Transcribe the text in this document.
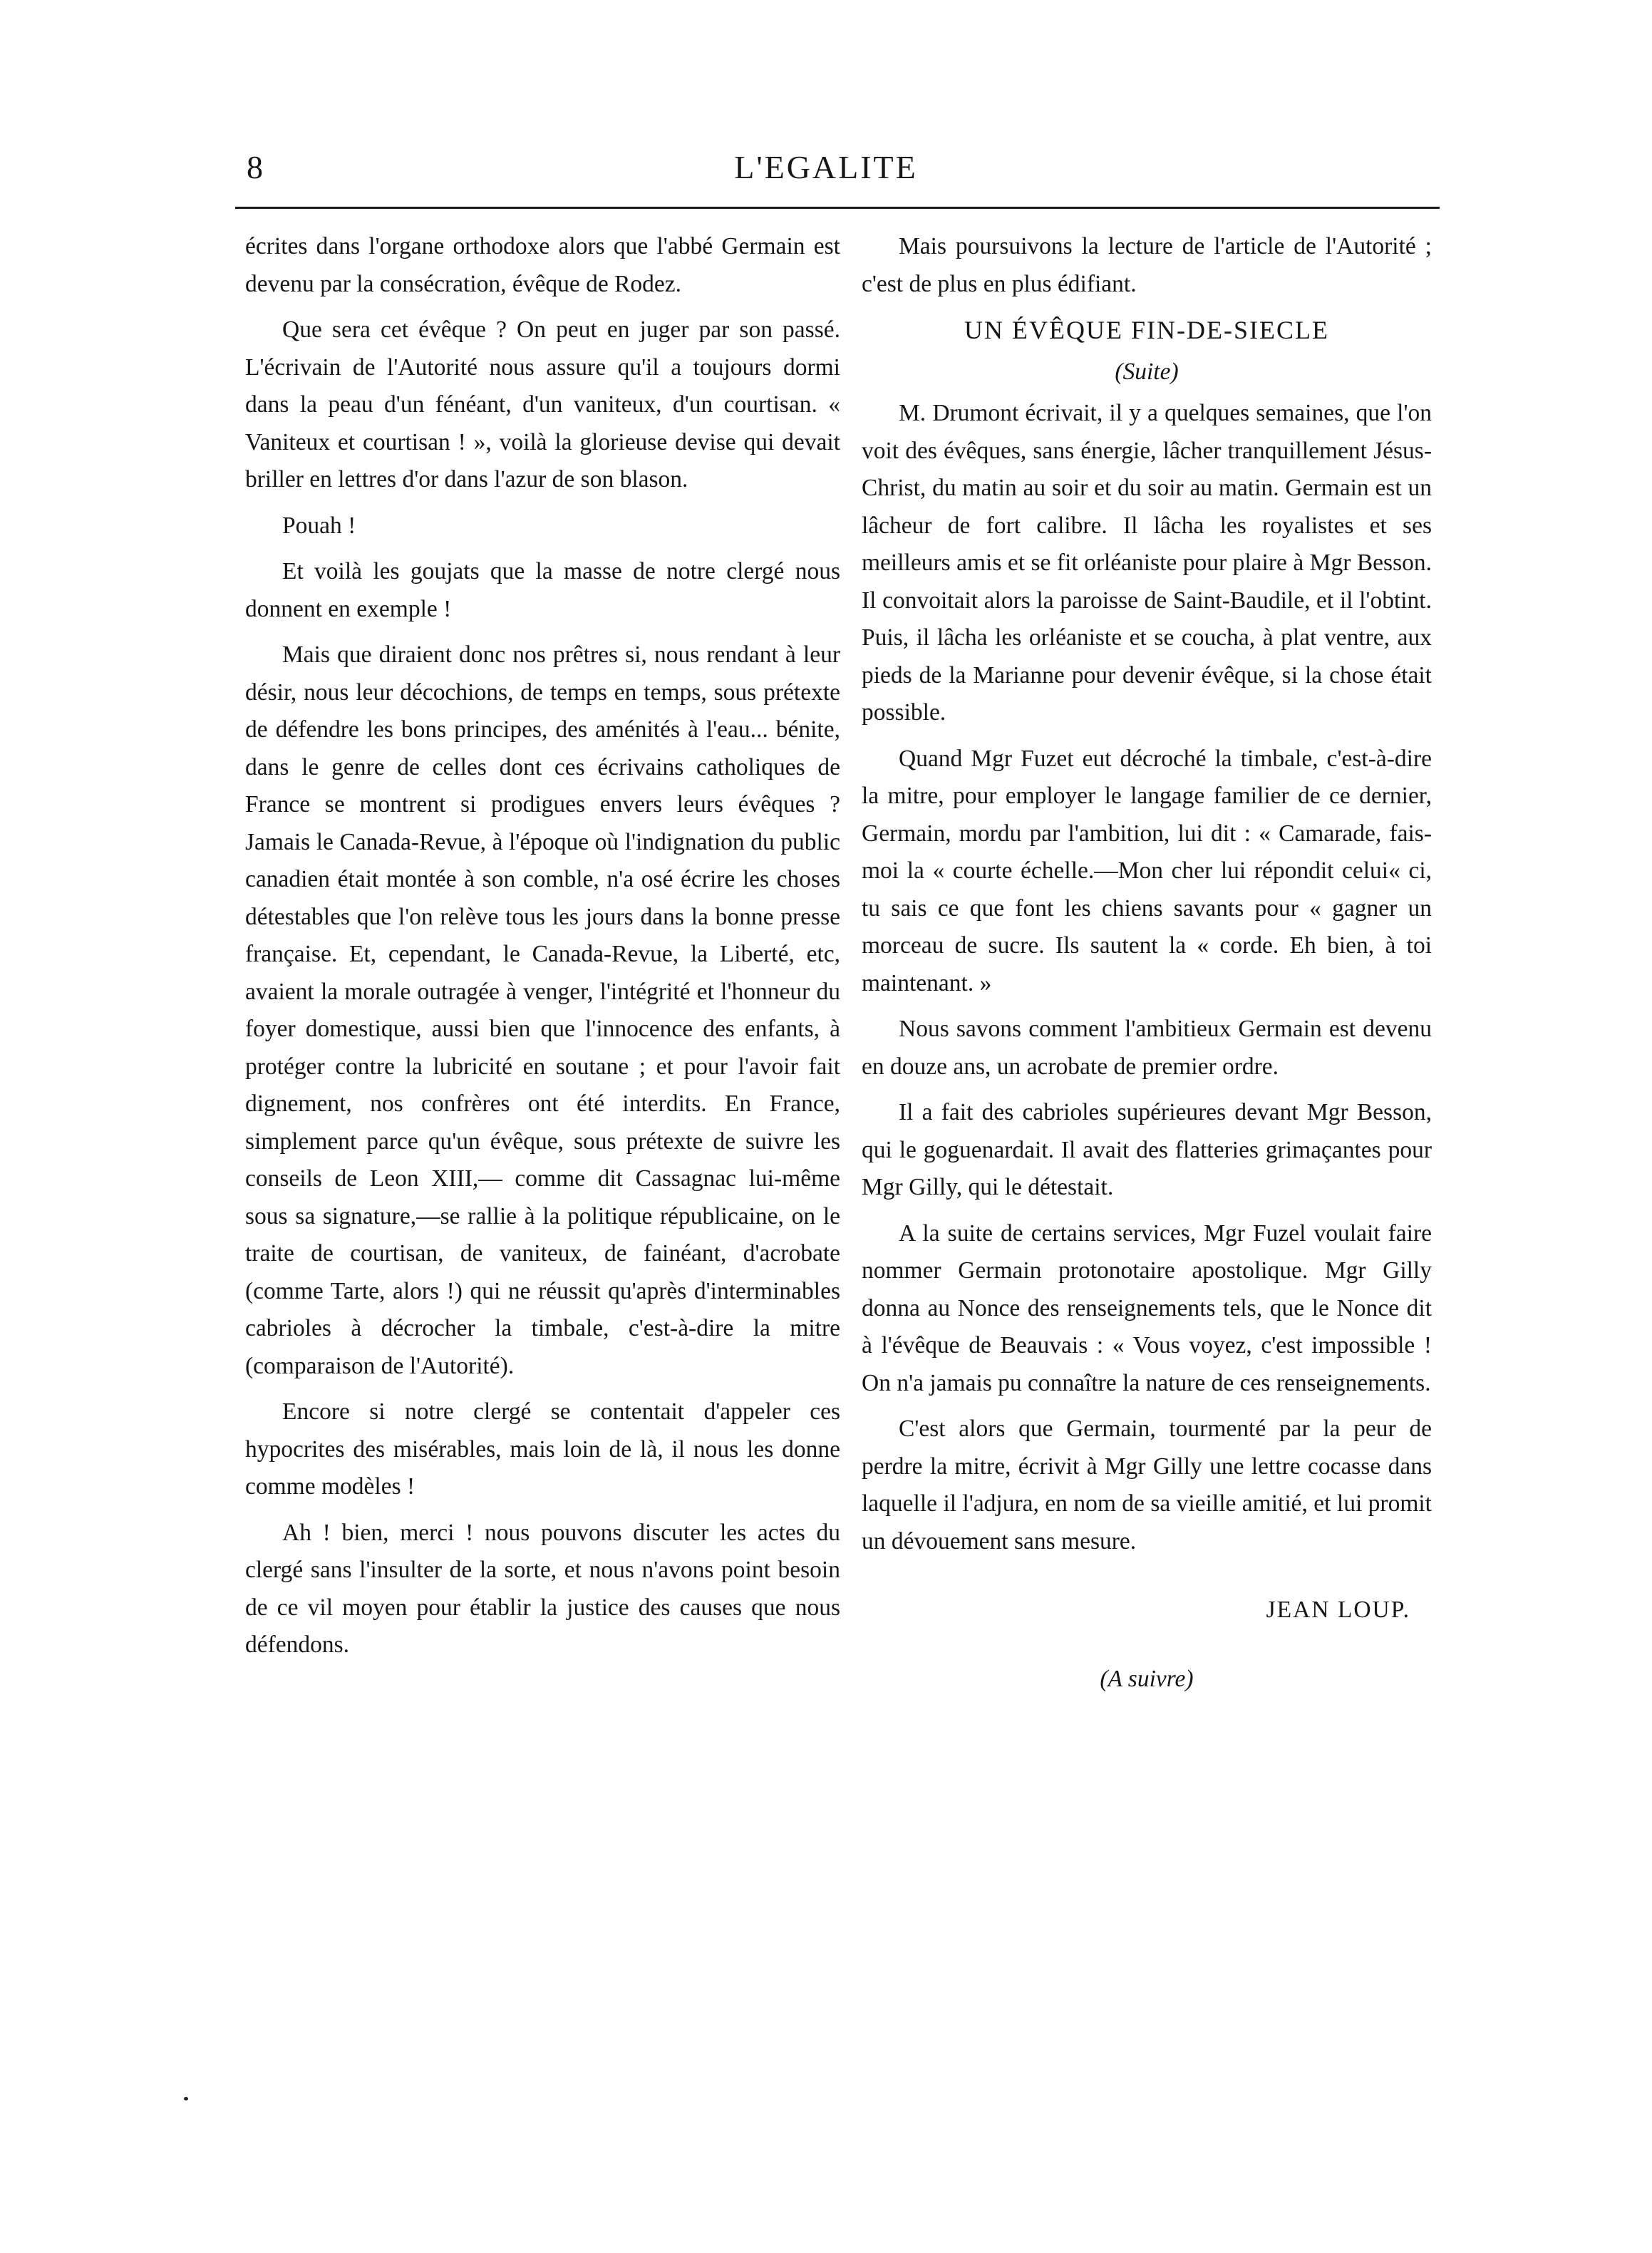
8	L'EGALITE

écrites dans l'organe orthodoxe alors que l'abbé Germain est devenu par la consécration, évêque de Rodez.

Que sera cet évêque ? On peut en juger par son passé. L'écrivain de l'Autorité nous assure qu'il a toujours dormi dans la peau d'un fénéant, d'un vaniteux, d'un courtisan. « Vaniteux et courtisan ! », voilà la glorieuse devise qui devait briller en lettres d'or dans l'azur de son blason.

Pouah !

Et voilà les goujats que la masse de notre clergé nous donnent en exemple !

Mais que diraient donc nos prêtres si, nous rendant à leur désir, nous leur décochions, de temps en temps, sous prétexte de défendre les bons principes, des aménités à l'eau... bénite, dans le genre de celles dont ces écrivains catholiques de France se montrent si prodigues envers leurs évêques ? Jamais le Canada-Revue, à l'époque où l'indignation du public canadien était montée à son comble, n'a osé écrire les choses détestables que l'on relève tous les jours dans la bonne presse française. Et, cependant, le Canada-Revue, la Liberté, etc, avaient la morale outragée à venger, l'intégrité et l'honneur du foyer domestique, aussi bien que l'innocence des enfants, à protéger contre la lubricité en soutane ; et pour l'avoir fait dignement, nos confrères ont été interdits. En France, simplement parce qu'un évêque, sous prétexte de suivre les conseils de Leon XIII,— comme dit Cassagnac lui-même sous sa signature,—se rallie à la politique républicaine, on le traite de courtisan, de vaniteux, de fainéant, d'acrobate (comme Tarte, alors !) qui ne réussit qu'après d'interminables cabrioles à décrocher la timbale, c'est-à-dire la mitre (comparaison de l'Autorité).

Encore si notre clergé se contentait d'appeler ces hypocrites des misérables, mais loin de là, il nous les donne comme modèles !

Ah ! bien, merci ! nous pouvons discuter les actes du clergé sans l'insulter de la sorte, et nous n'avons point besoin de ce vil moyen pour établir la justice des causes que nous défendons.

Mais poursuivons la lecture de l'article de l'Autorité ; c'est de plus en plus édifiant.

UN ÉVÊQUE FIN-DE-SIECLE

(Suite)

M. Drumont écrivait, il y a quelques semaines, que l'on voit des évêques, sans énergie, lâcher tranquillement Jésus-Christ, du matin au soir et du soir au matin. Germain est un lâcheur de fort calibre. Il lâcha les royalistes et ses meilleurs amis et se fit orléaniste pour plaire à Mgr Besson. Il convoitait alors la paroisse de Saint-Baudile, et il l'obtint. Puis, il lâcha les orléaniste et se coucha, à plat ventre, aux pieds de la Marianne pour devenir évêque, si la chose était possible.

Quand Mgr Fuzet eut décroché la timbale, c'est-à-dire la mitre, pour employer le langage familier de ce dernier, Germain, mordu par l'ambition, lui dit : « Camarade, fais-moi la « courte échelle.—Mon cher lui répondit celui« ci, tu sais ce que font les chiens savants pour « gagner un morceau de sucre. Ils sautent la « corde. Eh bien, à toi maintenant. »

Nous savons comment l'ambitieux Germain est devenu en douze ans, un acrobate de premier ordre.

Il a fait des cabrioles supérieures devant Mgr Besson, qui le goguenardait. Il avait des flatteries grimaçantes pour Mgr Gilly, qui le détestait.

A la suite de certains services, Mgr Fuzel voulait faire nommer Germain protonotaire apostolique. Mgr Gilly donna au Nonce des renseignements tels, que le Nonce dit à l'évêque de Beauvais : « Vous voyez, c'est impossible ! On n'a jamais pu connaître la nature de ces renseignements.

C'est alors que Germain, tourmenté par la peur de perdre la mitre, écrivit à Mgr Gilly une lettre cocasse dans laquelle il l'adjura, en nom de sa vieille amitié, et lui promit un dévouement sans mesure.

JEAN LOUP.

(A suivre)
